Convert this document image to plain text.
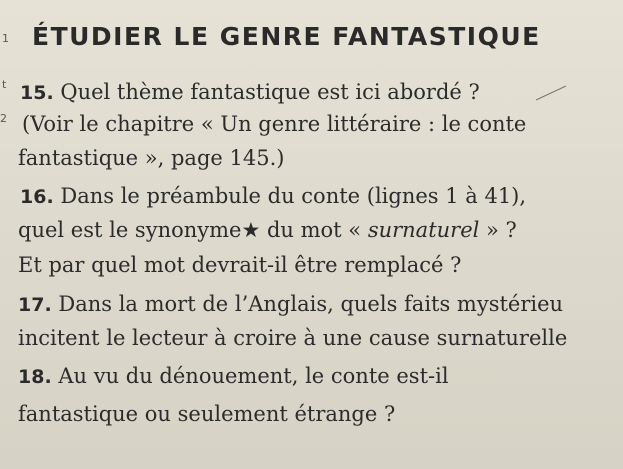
1
t
2
ÉTUDIER LE GENRE FANTASTIQUE
15. Quel thème fantastique est ici abordé ?
(Voir le chapitre « Un genre littéraire : le conte
fantastique », page 145.)
16. Dans le préambule du conte (lignes 1 à 41),
quel est le synonyme★ du mot « surnaturel » ?
Et par quel mot devrait-il être remplacé ?
17. Dans la mort de l’Anglais, quels faits mystérieu
incitent le lecteur à croire à une cause surnaturelle
18. Au vu du dénouement, le conte est-il
fantastique ou seulement étrange ?
